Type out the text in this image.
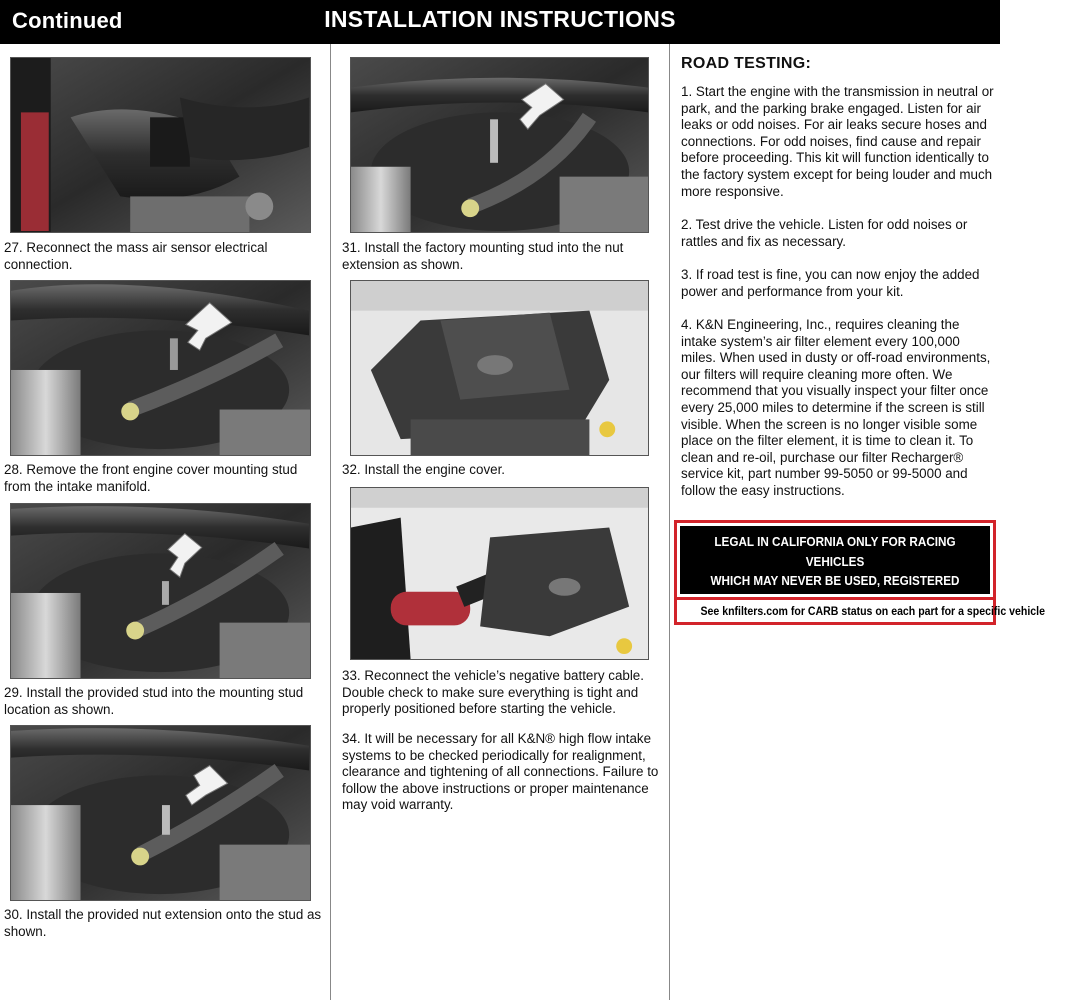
Continued	INSTALLATION INSTRUCTIONS
27. Reconnect the mass air sensor electrical connection.
28. Remove the front engine cover mounting stud from the intake manifold.
29. Install the provided stud into the mounting stud location as shown.
30. Install the provided nut extension onto the stud as shown.
31. Install the factory mounting stud into the nut extension as shown.
32. Install the engine cover.
33. Reconnect the vehicle’s negative battery cable. Double check to make sure everything is tight and properly positioned before starting the vehicle.
34. It will be necessary for all K&N® high flow intake systems to be checked periodically for realignment, clearance and tightening of all connections. Failure to follow the above instructions or proper maintenance may void warranty.
ROAD TESTING:
1. Start the engine with the transmission in neutral or park, and the parking brake engaged. Listen for air leaks or odd noises. For air leaks secure hoses and connections. For odd noises, find cause and repair before proceeding. This kit will function identically to the factory system except for being louder and much more responsive.
2. Test drive the vehicle. Listen for odd noises or rattles and fix as necessary.
3. If road test is fine, you can now enjoy the added power and performance from your kit.
4. K&N Engineering, Inc., requires cleaning the intake system’s air filter element every 100,000 miles. When used in dusty or off-road environments, our filters will require cleaning more often. We recommend that you visually inspect your filter once every 25,000 miles to determine if the screen is still visible. When the screen is no longer visible some place on the filter element, it is time to clean it. To clean and re-oil, purchase our filter Recharger® service kit, part number 99-5050 or 99-5000 and follow the easy instructions.
LEGAL IN CALIFORNIA ONLY FOR RACING VEHICLES
WHICH MAY NEVER BE USED, REGISTERED
OR LICENSED FOR USE UPON A HIGHWAY.
See knfilters.com for CARB status on each part for a specific vehicle
